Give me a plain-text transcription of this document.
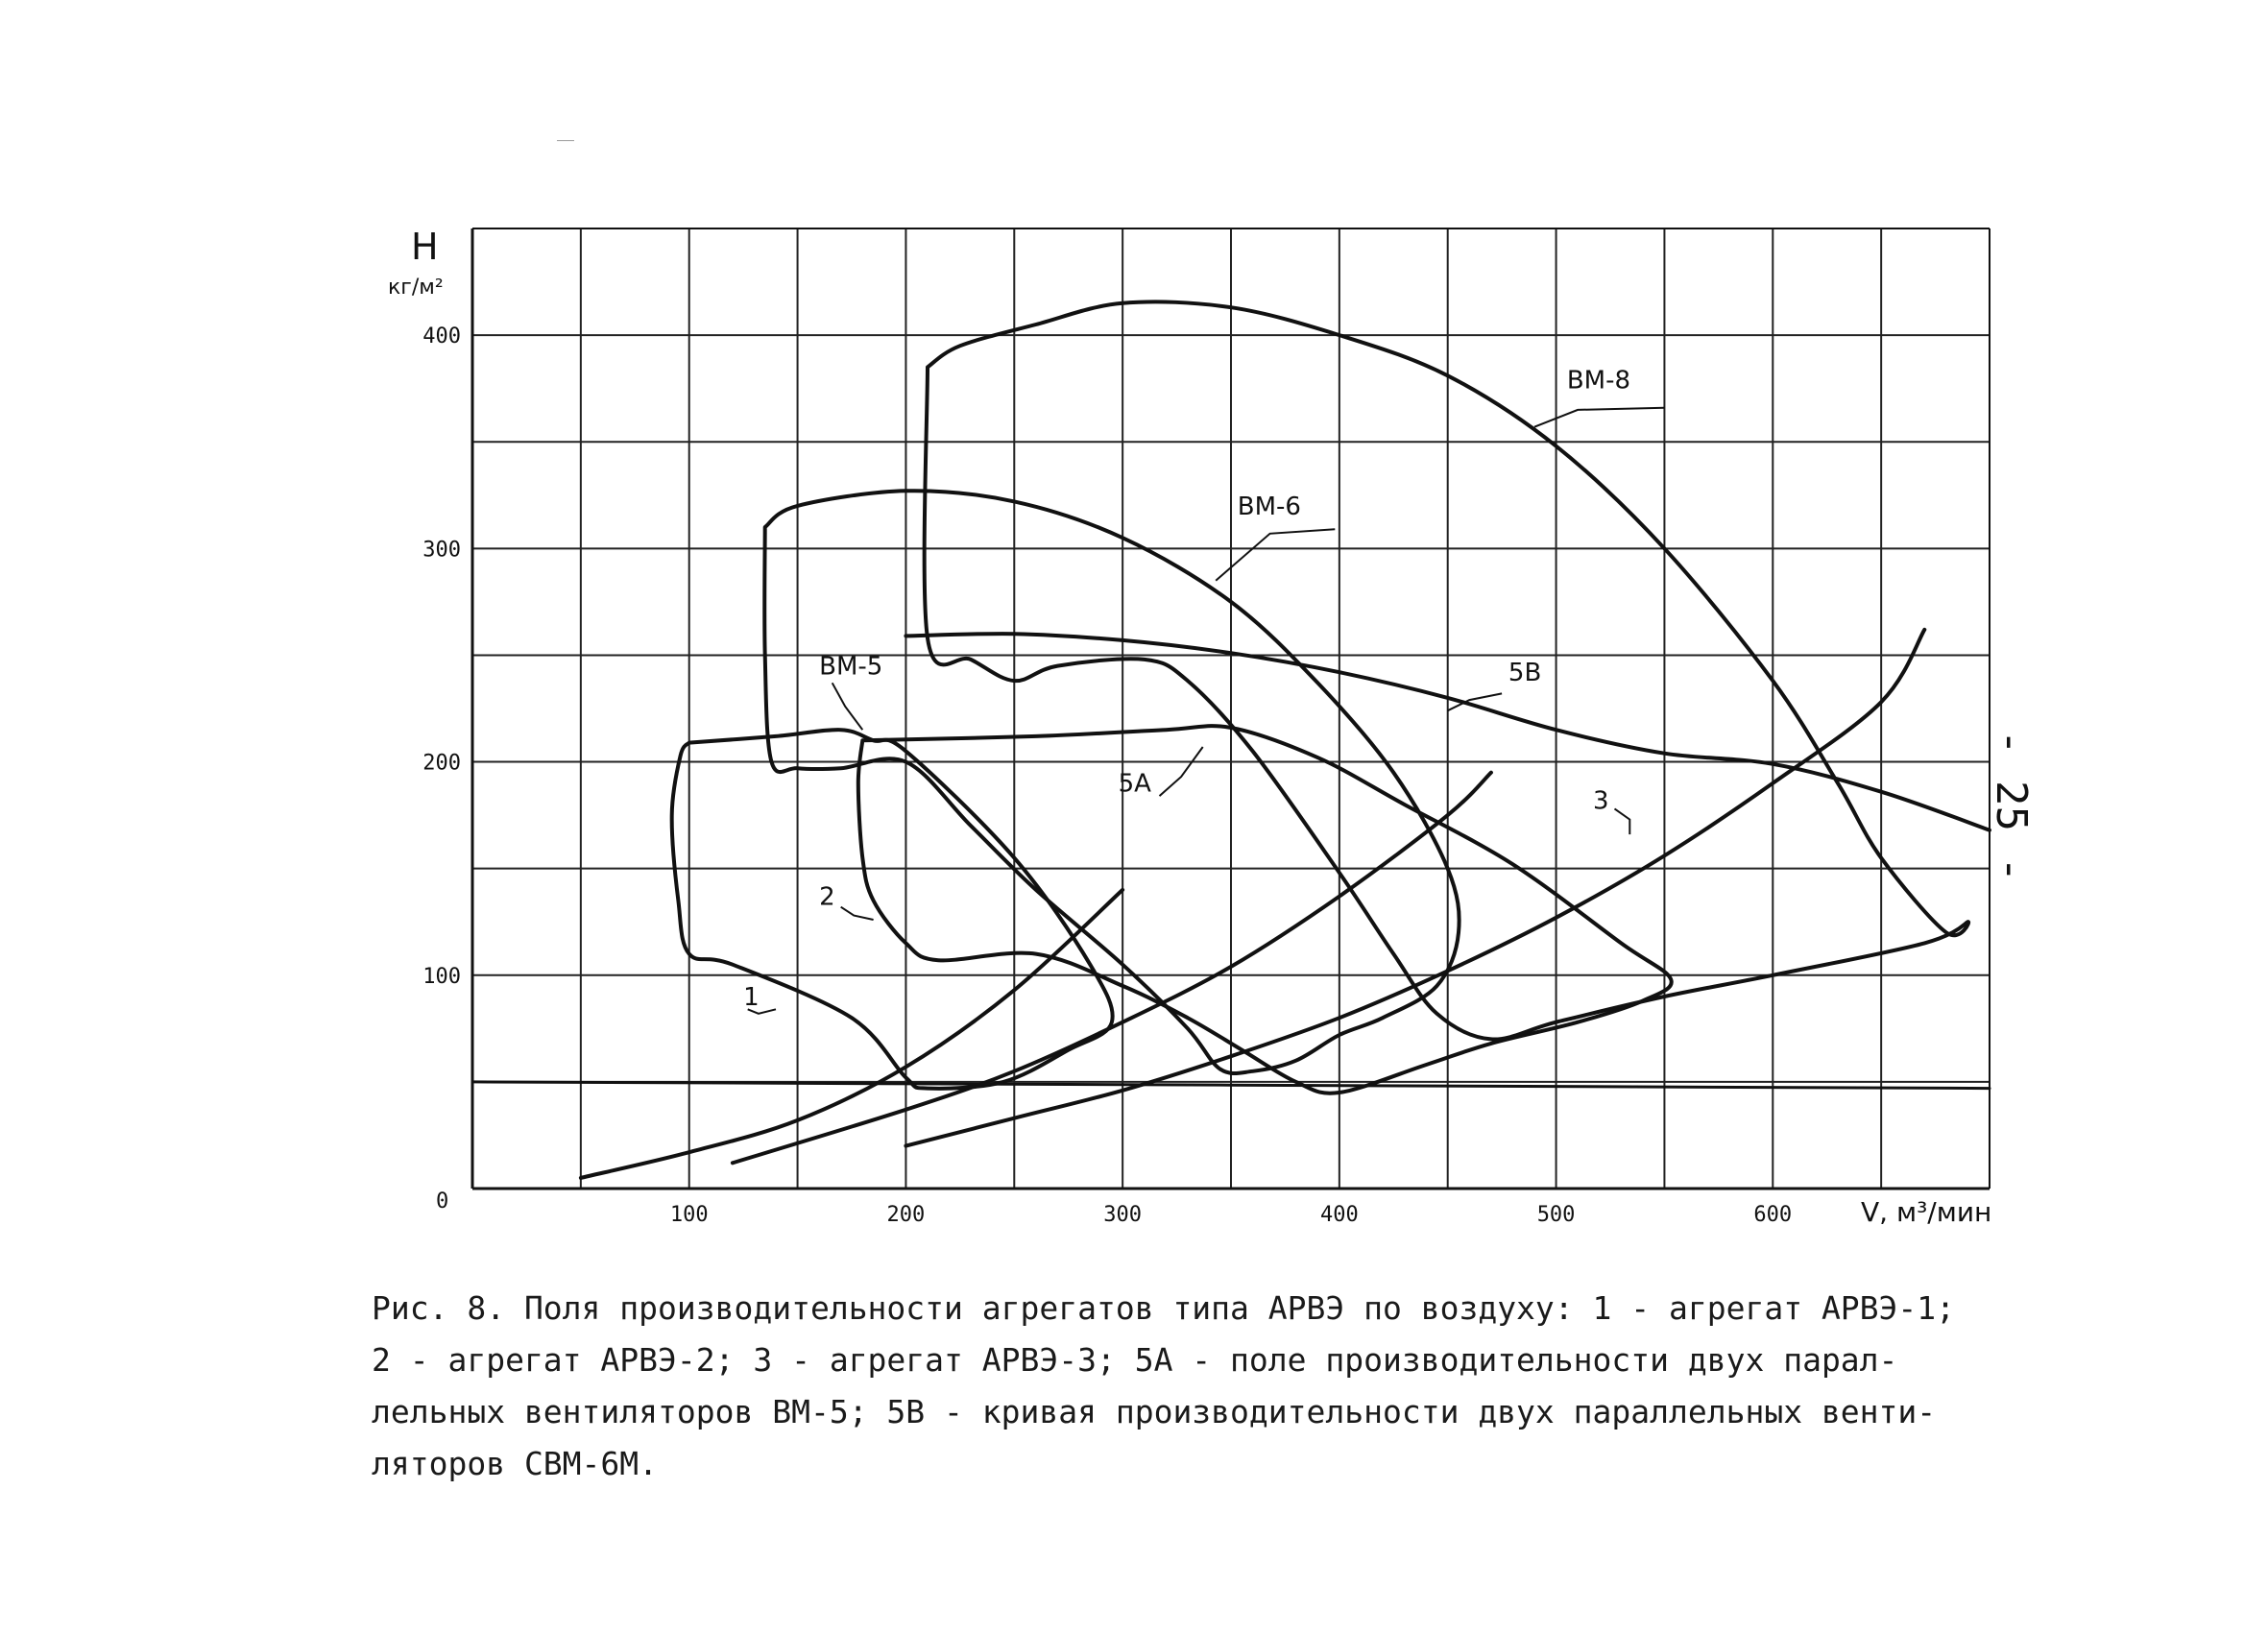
100	200	300	400	500	600
100
200
300
400
1
2
3
5В
5А
ВМ-5
ВМ-6
ВМ-8
Н
кг/м²
V, м³/мин
0
Рис. 8. Поля производительности агрегатов типа АРВЭ по воздуху: 1 - агрегат АРВЭ-1;
2 - агрегат АРВЭ-2; 3 - агрегат АРВЭ-3; 5А - поле производительности двух парал-
лельных вентиляторов ВМ-5; 5В - кривая производительности двух параллельных венти-
ляторов СВМ-6М.
- 25 -
